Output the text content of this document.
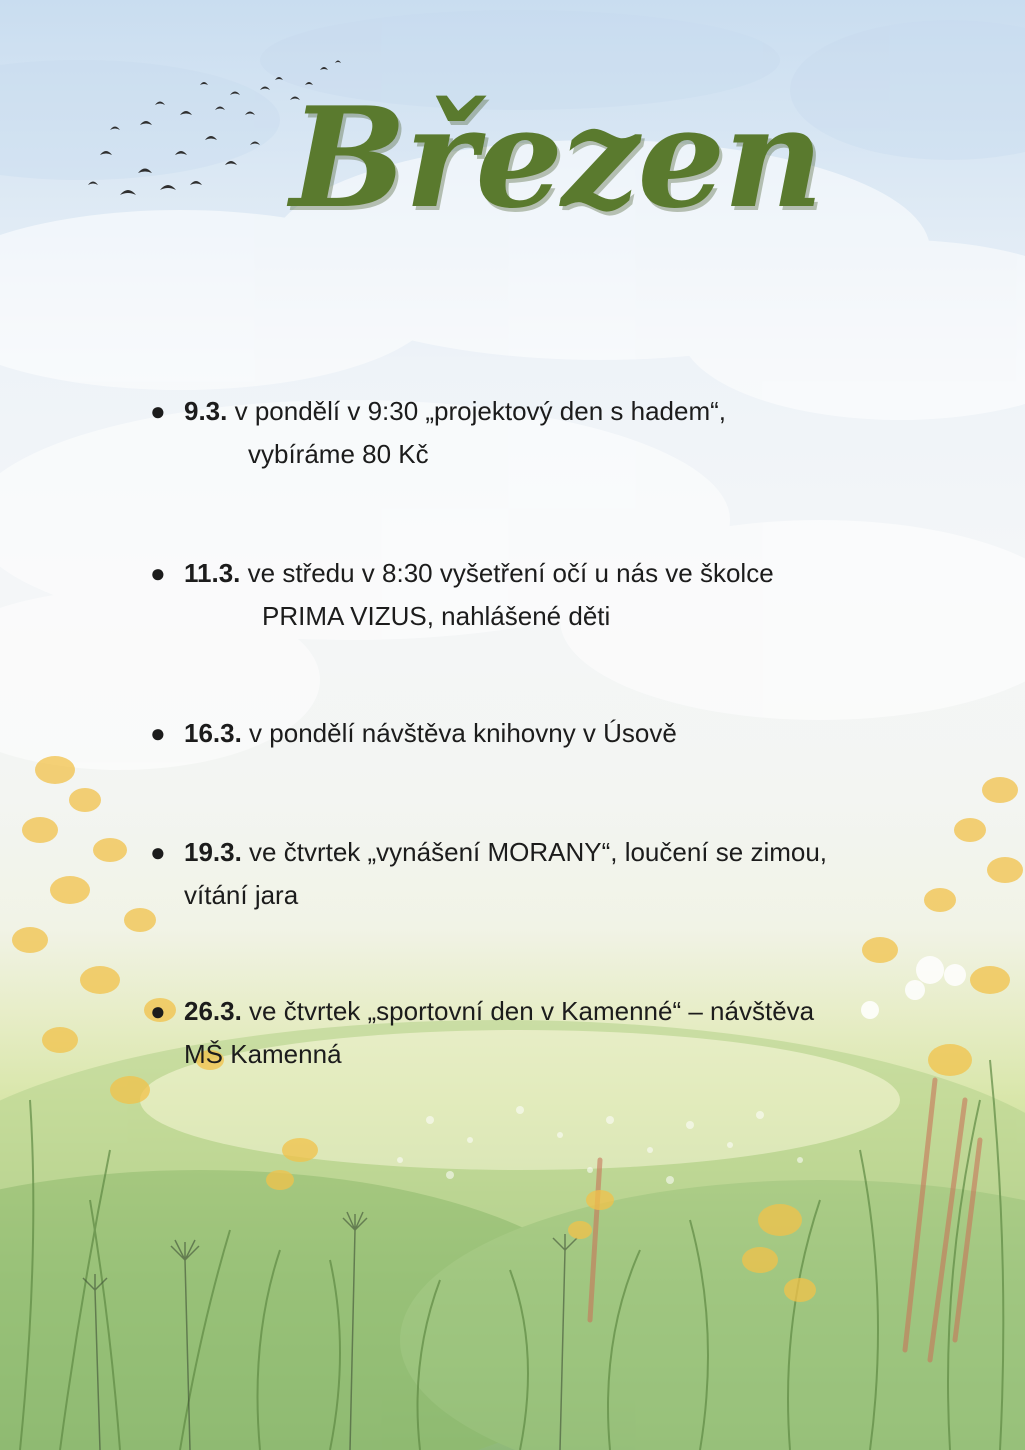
Březen
● 9.3. v pondělí v 9:30 „projektový den s hadem“,
vybíráme 80 Kč
● 11.3. ve středu v 8:30 vyšetření očí u nás ve školce
PRIMA VIZUS, nahlášené děti
● 16.3. v pondělí návštěva knihovny v Úsově
● 19.3. ve čtvrtek „vynášení MORANY“, loučení se zimou,
vítání jara
● 26.3. ve čtvrtek „sportovní den v Kamenné“ – návštěva
MŠ Kamenná
